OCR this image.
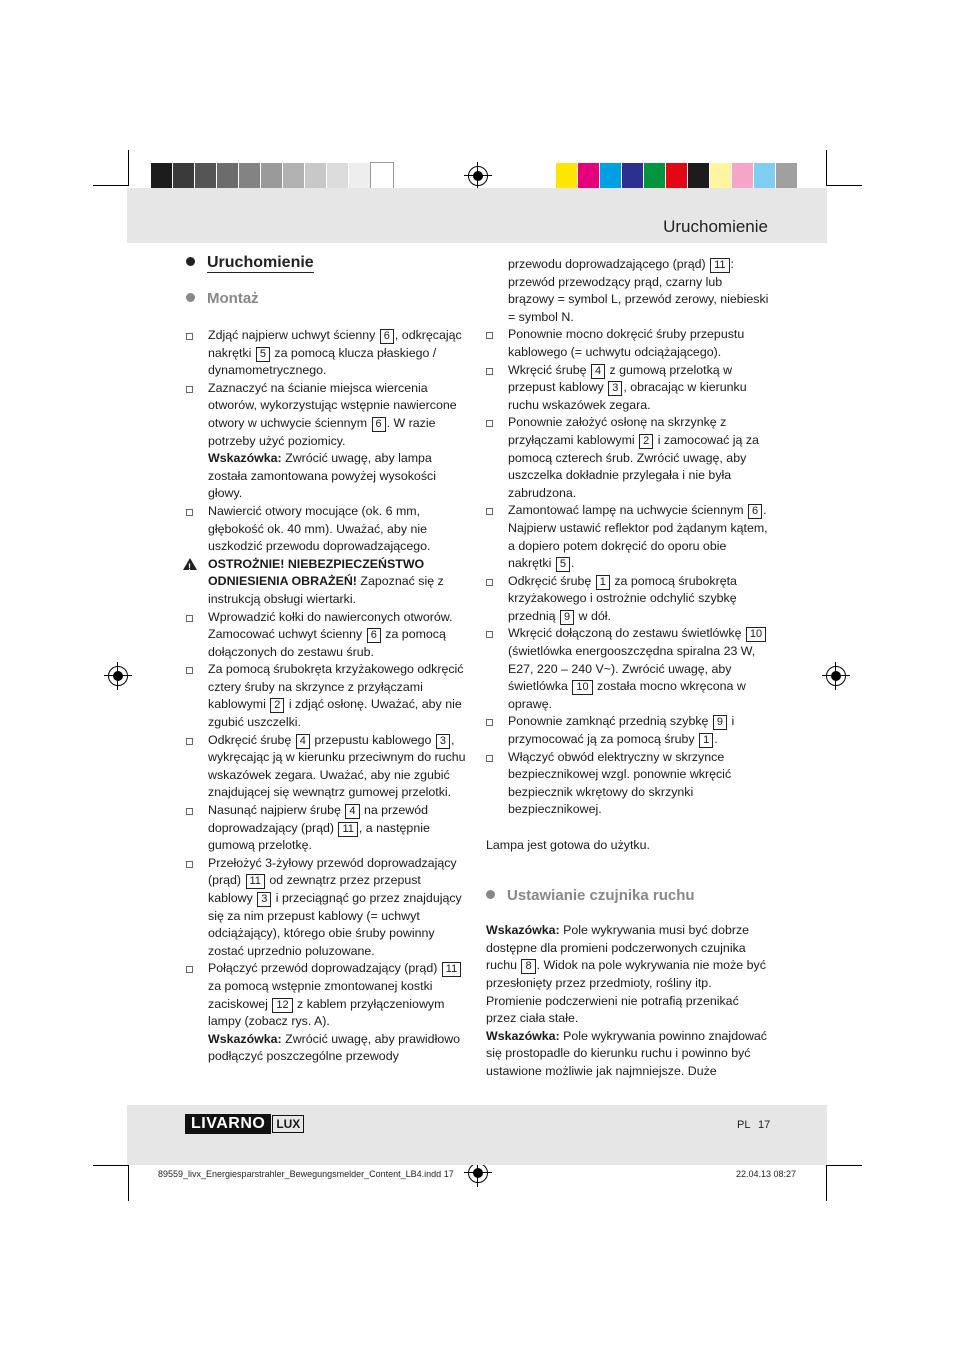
Uruchomienie
Uruchomienie
Montaż
Zdjąć najpierw uchwyt ścienny 6 , odkręcając nakrętki 5 za pomocą klucza płaskiego / dynamometrycznego.
Zaznaczyć na ścianie miejsca wiercenia otworów, wykorzystując wstępnie nawiercone otwory w uchwycie ściennym 6 . W razie potrzeby użyć poziomicy.
Wskazówka: Zwrócić uwagę, aby lampa została zamontowana powyżej wysokości głowy.
Nawiercić otwory mocujące (ok. 6 mm, głębokość ok. 40 mm). Uważać, aby nie uszkodzić przewodu doprowadzającego.
!
OSTROŻNIE! NIEBEZPIECZEŃSTWO ODNIESIENIA OBRAŻEŃ! Zapoznać się z instrukcją obsługi wiertarki.
Wprowadzić kołki do nawierconych otworów. Zamocować uchwyt ścienny 6 za pomocą dołączonych do zestawu śrub.
Za pomocą śrubokręta krzyżakowego odkręcić cztery śruby na skrzynce z przyłączami kablowymi 2 i zdjąć osłonę. Uważać, aby nie zgubić uszczelki.
Odkręcić śrubę 4 przepustu kablowego 3 , wykręcając ją w kierunku przeciwnym do ruchu wskazówek zegara. Uważać, aby nie zgubić znajdującej się wewnątrz gumowej przelotki.
Nasunąć najpierw śrubę 4 na przewód doprowadzający (prąd) 11 , a następnie gumową przelotkę.
Przełożyć 3-żyłowy przewód doprowadzający (prąd) 11 od zewnątrz przez przepust kablowy 3 i przeciągnąć go przez znajdujący się za nim przepust kablowy (= uchwyt odciążający), którego obie śruby powinny zostać uprzednio poluzowane.
Połączyć przewód doprowadzający (prąd) 11 za pomocą wstępnie zmontowanej kostki zaciskowej 12 z kablem przyłączeniowym lampy (zobacz rys. A).
Wskazówka: Zwrócić uwagę, aby prawidłowo podłączyć poszczególne przewody
przewodu doprowadzającego (prąd) 11 : przewód przewodzący prąd, czarny lub brązowy = symbol L, przewód zerowy, niebieski = symbol N.
Ponownie mocno dokręcić śruby przepustu kablowego (= uchwytu odciążającego).
Wkręcić śrubę 4 z gumową przelotką w przepust kablowy 3 , obracając w kierunku ruchu wskazówek zegara.
Ponownie założyć osłonę na skrzynkę z przyłączami kablowymi 2 i zamocować ją za pomocą czterech śrub. Zwrócić uwagę, aby uszczelka dokładnie przylegała i nie była zabrudzona.
Zamontować lampę na uchwycie ściennym 6 . Najpierw ustawić reflektor pod żądanym kątem, a dopiero potem dokręcić do oporu obie nakrętki 5 .
Odkręcić śrubę 1 za pomocą śrubokręta krzyżakowego i ostrożnie odchylić szybkę przednią 9 w dół.
Wkręcić dołączoną do zestawu świetlówkę 10 (świetlówka energooszczędna spiralna 23 W, E27, 220 – 240 V~). Zwrócić uwagę, aby świetlówka 10 została mocno wkręcona w oprawę.
Ponownie zamknąć przednią szybkę 9 i przymocować ją za pomocą śruby 1 .
Włączyć obwód elektryczny w skrzynce bezpiecznikowej wzgl. ponownie wkręcić bezpiecznik wkrętowy do skrzynki bezpiecznikowej.
Lampa jest gotowa do użytku.
Ustawianie czujnika ruchu
Wskazówka: Pole wykrywania musi być dobrze dostępne dla promieni podczerwonych czujnika ruchu 8 . Widok na pole wykrywania nie może być przesłonięty przez przedmioty, rośliny itp. Promienie podczerwieni nie potrafią przenikać przez ciała stałe.
Wskazówka: Pole wykrywania powinno znajdować się prostopadle do kierunku ruchu i powinno być ustawione możliwie jak najmniejsze. Duże
LIVARNO LUX	PL 17
89559_livx_Energiesparstrahler_Bewegungsmelder_Content_LB4.indd 17	22.04.13 08:27
